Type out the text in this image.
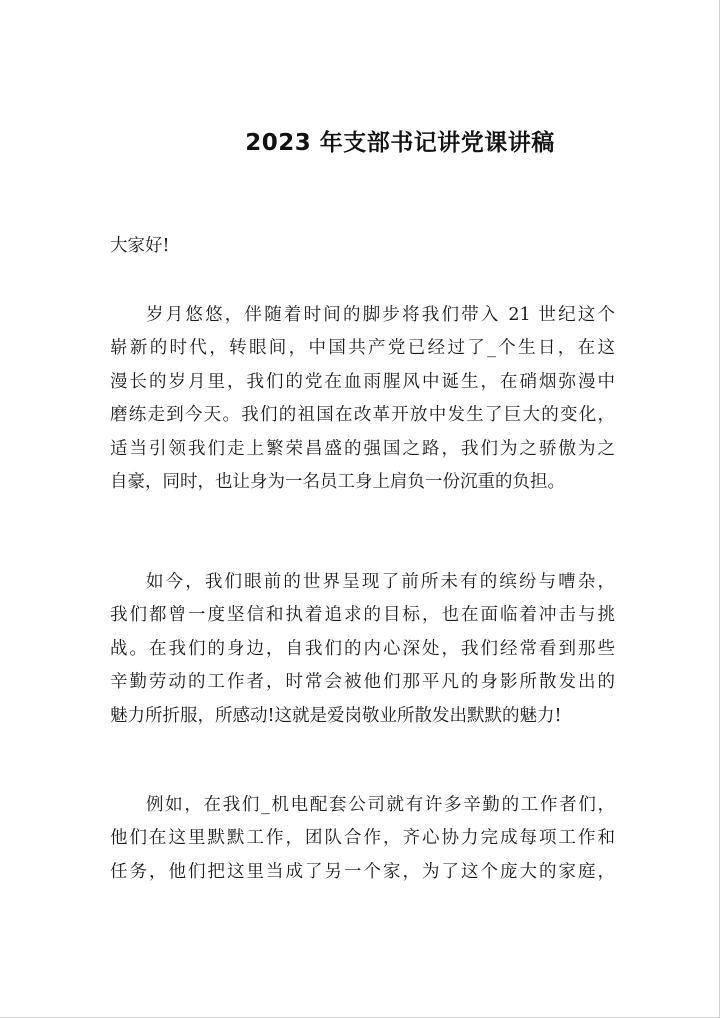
2023 年支部书记讲党课讲稿
大家好!
岁月悠悠，伴随着时间的脚步将我们带入 21 世纪这个
崭新的时代，转眼间，中国共产党已经过了_个生日，在这
漫长的岁月里，我们的党在血雨腥风中诞生，在硝烟弥漫中
磨练走到今天。我们的祖国在改革开放中发生了巨大的变化，
适当引领我们走上繁荣昌盛的强国之路，我们为之骄傲为之
自豪，同时，也让身为一名员工身上肩负一份沉重的负担。
如今，我们眼前的世界呈现了前所未有的缤纷与嘈杂，
我们都曾一度坚信和执着追求的目标，也在面临着冲击与挑
战。在我们的身边，自我们的内心深处，我们经常看到那些
辛勤劳动的工作者，时常会被他们那平凡的身影所散发出的
魅力所折服，所感动!这就是爱岗敬业所散发出默默的魅力!
例如，在我们_机电配套公司就有许多辛勤的工作者们，
他们在这里默默工作，团队合作，齐心协力完成每项工作和
任务，他们把这里当成了另一个家，为了这个庞大的家庭，
